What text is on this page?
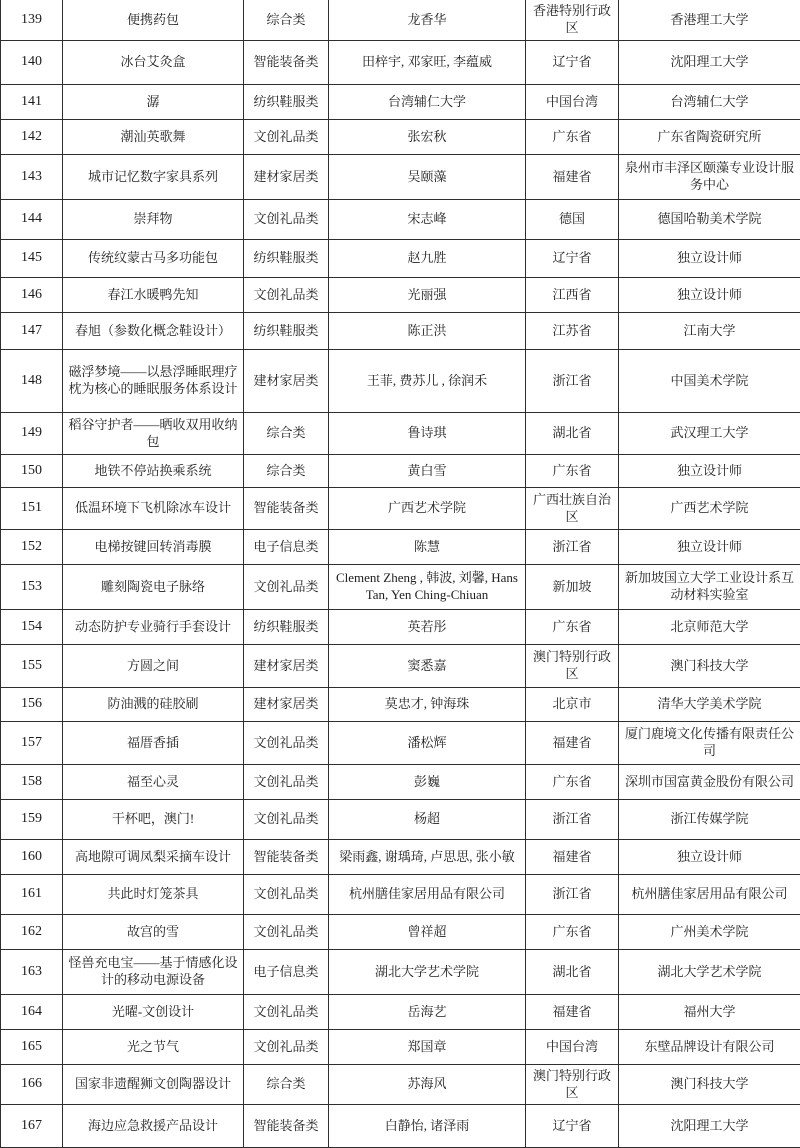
139	便携药包	综合类	龙香华	香港特别行政区	香港理工大学
140	冰台艾灸盒	智能装备类	田梓宇, 邓家旺, 李蕴威	辽宁省	沈阳理工大学
141	潺	纺织鞋服类	台湾辅仁大学	中国台湾	台湾辅仁大学
142	潮汕英歌舞	文创礼品类	张宏秋	广东省	广东省陶瓷研究所
143	城市记忆数字家具系列	建材家居类	吴颐藻	福建省	泉州市丰泽区颐藻专业设计服务中心
144	崇拜物	文创礼品类	宋志峰	德国	德国哈勒美术学院
145	传统纹蒙古马多功能包	纺织鞋服类	赵九胜	辽宁省	独立设计师
146	春江水暖鸭先知	文创礼品类	光丽强	江西省	独立设计师
147	春旭（参数化概念鞋设计）	纺织鞋服类	陈正洪	江苏省	江南大学
148	磁浮梦境——以悬浮睡眠理疗枕为核心的睡眠服务体系设计	建材家居类	王菲, 费苏儿 , 徐润禾	浙江省	中国美术学院
149	稻谷守护者——晒收双用收纳包	综合类	鲁诗琪	湖北省	武汉理工大学
150	地铁不停站换乘系统	综合类	黄白雪	广东省	独立设计师
151	低温环境下飞机除冰车设计	智能装备类	广西艺术学院	广西壮族自治区	广西艺术学院
152	电梯按键回转消毒膜	电子信息类	陈慧	浙江省	独立设计师
153	雕刻陶瓷电子脉络	文创礼品类	Clement Zheng , 韩波, 刘馨, Hans Tan, Yen Ching-Chiuan	新加坡	新加坡国立大学工业设计系互动材料实验室
154	动态防护专业骑行手套设计	纺织鞋服类	英若彤	广东省	北京师范大学
155	方圆之间	建材家居类	窦悉嘉	澳门特别行政区	澳门科技大学
156	防油溅的硅胶刷	建材家居类	莫忠才, 钟海珠	北京市	清华大学美术学院
157	福厝香插	文创礼品类	潘松辉	福建省	厦门鹿境文化传播有限责任公司
158	福至心灵	文创礼品类	彭巍	广东省	深圳市国富黄金股份有限公司
159	干杯吧，澳门!	文创礼品类	杨超	浙江省	浙江传媒学院
160	高地隙可调凤梨采摘车设计	智能装备类	梁雨鑫, 谢瑀琦, 卢思思, 张小敏	福建省	独立设计师
161	共此时灯笼茶具	文创礼品类	杭州膳佳家居用品有限公司	浙江省	杭州膳佳家居用品有限公司
162	故宫的雪	文创礼品类	曾祥超	广东省	广州美术学院
163	怪兽充电宝——基于情感化设计的移动电源设备	电子信息类	湖北大学艺术学院	湖北省	湖北大学艺术学院
164	光曜-文创设计	文创礼品类	岳海艺	福建省	福州大学
165	光之节气	文创礼品类	郑国章	中国台湾	东壁品牌设计有限公司
166	国家非遗醒狮文创陶器设计	综合类	苏海风	澳门特别行政区	澳门科技大学
167	海边应急救援产品设计	智能装备类	白静怡, 诸泽雨	辽宁省	沈阳理工大学
